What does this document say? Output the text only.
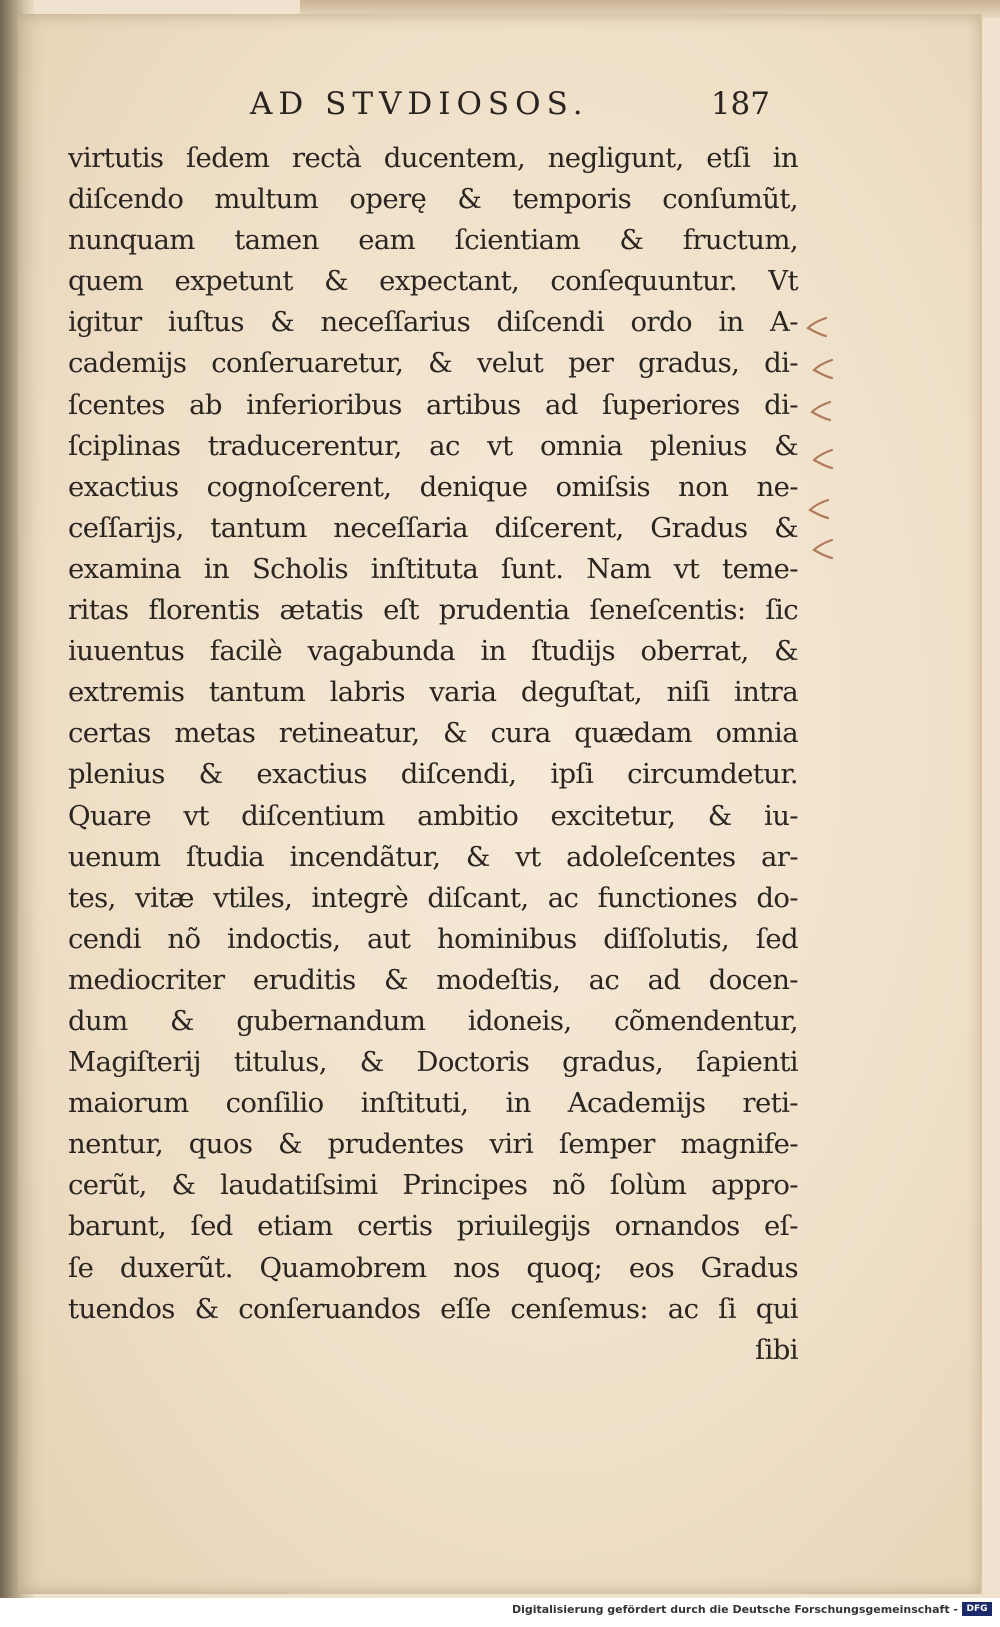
AD STVDIOSOS.	187
virtutis ſedem rectà ducentem, negligunt, etſi in
diſcendo multum operę & temporis conſumũt,
nunquam tamen eam ſcientiam & fructum,
quem expetunt & expectant, conſequuntur. Vt
igitur iuſtus & neceſſarius diſcendi ordo in A-
cademijs conſeruaretur, & velut per gradus, di-
ſcentes ab inferioribus artibus ad ſuperiores di-
ſciplinas traducerentur, ac vt omnia plenius &
exactius cognoſcerent, denique omiſsis non ne-
ceſſarijs, tantum neceſſaria diſcerent, Gradus &
examina in Scholis inſtituta ſunt. Nam vt teme-
ritas florentis ætatis eſt prudentia ſeneſcentis: ſic
iuuentus facilè vagabunda in ſtudijs oberrat, &
extremis tantum labris varia deguſtat, niſi intra
certas metas retineatur, & cura quædam omnia
plenius & exactius diſcendi, ipſi circumdetur.
Quare vt diſcentium ambitio excitetur, & iu-
uenum ſtudia incendãtur, & vt adoleſcentes ar-
tes, vitæ vtiles, integrè diſcant, ac functiones do-
cendi nõ indoctis, aut hominibus diſſolutis, ſed
mediocriter eruditis & modeſtis, ac ad docen-
dum & gubernandum idoneis, cõmendentur,
Magiſterij titulus, & Doctoris gradus, ſapienti
maiorum conſilio inſtituti, in Academijs reti-
nentur, quos & prudentes viri ſemper magnife-
cerũt, & laudatiſsimi Principes nõ ſolùm appro-
barunt, ſed etiam certis priuilegijs ornandos eſ-
ſe duxerũt. Quamobrem nos quoq; eos Gradus
tuendos & conſeruandos eſſe cenſemus: ac ſi qui
ſibi
Digitalisierung gefördert durch die Deutsche Forschungsgemeinschaft - DFG
